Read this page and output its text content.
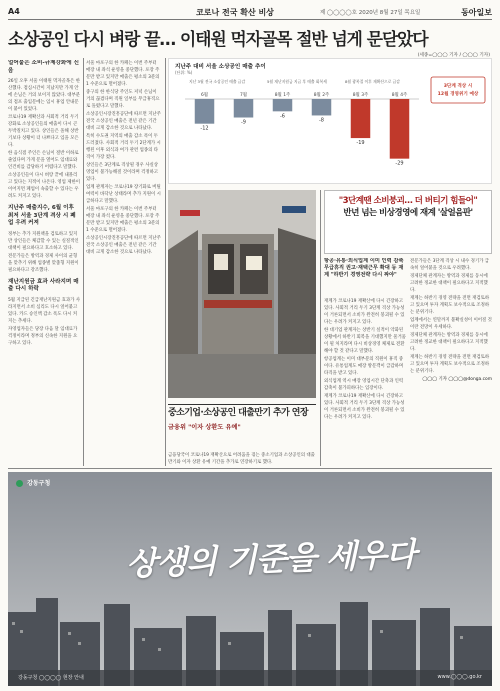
A4	코로나 전국 확산 비상	제 ◯◯◯◯호 2020년 8월 27일 목요일	동아일보
소상공인 다시 벼랑 끝… 이태원 먹자골목 절반 넘게 문닫았다
(세종=◯◯◯ 기자 / ◯◯◯ 기자)
얼어붙은 소비-규제강화에 신음

26일 오후 서울 이태원 먹자골목은 한산했다. 점심시간이 지났지만 가게 안에 손님은 거의 보이지 않았다. 대부분의 점포 출입문에는 임시 휴업 안내문이 붙어 있었다.

코로나19 재확산과 사회적 거리 두기 강화로 소상공인들의 매출이 다시 곤두박질치고 있다. 상인들은 올해 상반기보다 상황이 더 나쁘다고 입을 모은다.

한 음식점 주인은 손님이 절반 이하로 줄었다며 가게 문을 열어도 임대료와 인건비를 감당하기 어렵다고 말했다.

소상공인들이 다시 벼랑 끝에 내몰리고 있다는 지적이 나온다. 영업 제한이 이어지면 폐업이 속출할 수 있다는 우려도 커지고 있다.

지난주 매출지수, 6월 이후 최저 서울 3단계 격상 시 폐업 우려 커져

정부는 추가 지원책을 검토하고 있지만 상인들은 체감할 수 있는 실질적인 대책이 필요하다고 호소하고 있다.

전문가들은 방역과 경제 사이의 균형을 맞추기 위해 업종별 맞춤형 지원이 필요하다고 강조했다.

재난지원금 효과 사라지며 매출 다시 하락

5월 지급된 긴급재난지원금 효과가 사라지면서 소비 심리도 다시 얼어붙고 있다. 카드 승인액 감소 폭도 다시 커지는 추세다.

자영업자들은 당장 다음 달 임대료가 걱정이라며 정부의 신속한 지원을 요구하고 있다.

서울 마포구의 한 카페는 이번 주부터 매장 내 좌석 운영을 중단했다. 포장 주문만 받고 있지만 매출은 평소의 3분의 1 수준으로 떨어졌다.

중구의 한 한식당 주인도 저녁 손님이 거의 끊겼다며 직원 일부를 무급휴직으로 돌렸다고 말했다.

소상공인시장진흥공단에 따르면 지난주 전국 소상공인 매출은 전년 같은 기간 대비 크게 감소한 것으로 나타났다.

특히 수도권 지역의 매출 감소 폭이 두드러졌다. 사회적 거리 두기 2단계가 시행된 이후 외식과 여가 관련 업종의 타격이 가장 컸다.

상인들은 3단계로 격상될 경우 사실상 영업이 불가능해질 것이라며 걱정하고 있다.

업계 관계자는 코로나19 장기화로 버틸 여력이 바닥난 상태라며 추가 지원이 시급하다고 말했다.

서울 마포구의 한 카페는 이번 주부터 매장 내 좌석 운영을 중단했다. 포장 주문만 받고 있지만 매출은 평소의 3분의 1 수준으로 떨어졌다.

소상공인시장진흥공단에 따르면 지난주 전국 소상공인 매출은 전년 같은 기간 대비 크게 감소한 것으로 나타났다.

지난주 대비 서울 소상공인 매출 추이
(단위: %)
-12
6월
-9
7월
-6
8월 1주
-8
8월 2주
-19
8월 3주
-29
8월 4주
지난 3월 전국 소상공인 매출 급감	5월 재난지원금 지급 후 매출 회복세	8월 광복절 이후 재확산으로 급감
3단계 격상 시
12월 경영위기 예상
중소기업·소상공인 대출만기 추가 연장
금융위 "이자 상환도 유예"

금융당국이 코로나19 재확산으로 어려움을 겪는 중소기업과 소상공인의 대출 만기와 이자 상환 유예 기간을 추가로 연장하기로 했다.

"3단계땐 소비붕괴… 더 버티기 힘들어"
반년 넘는 비상경영에 재계 '살얼음판'
항공·유통·외식업계 이미 인력 감축 무급휴직 권고·재택근무 확대 등 재계 "하반기 경영전략 다시 짜야"

재계가 코로나19 재확산에 다시 긴장하고 있다. 사회적 거리 두기 3단계 격상 가능성이 거론되면서 소비가 완전히 붕괴될 수 있다는 우려가 커지고 있다.

한 대기업 관계자는 상반기 실적이 악화된 상황에서 하반기 회복을 기대했지만 물거품이 될 처지라며 다시 비상경영 체제로 전환해야 할 것 같다고 말했다.

항공업계는 이미 대부분의 직원이 휴직 중이다. 유통업계도 매장 방문객이 급감하며 타격을 받고 있다.

외식업계 역시 매장 영업시간 단축과 인력 감축이 불가피하다는 입장이다.

재계가 코로나19 재확산에 다시 긴장하고 있다. 사회적 거리 두기 3단계 격상 가능성이 거론되면서 소비가 완전히 붕괴될 수 있다는 우려가 커지고 있다.

전문가들은 3단계 격상 시 내수 경기가 급속히 얼어붙을 것으로 우려했다.

경제단체 관계자는 방역과 경제를 동시에 고려한 정교한 대책이 필요하다고 지적했다.

재계는 하반기 경영 전략을 전면 재검토하고 있으며 투자 계획도 보수적으로 조정하는 분위기다.

업계에서는 연말까지 불확실성이 이어질 것이란 전망이 우세하다.

경제단체 관계자는 방역과 경제를 동시에 고려한 정교한 대책이 필요하다고 지적했다.

재계는 하반기 경영 전략을 전면 재검토하고 있으며 투자 계획도 보수적으로 조정하는 분위기다.

◯◯◯ 기자 ◯◯◯@donga.com

강동구청
상생의 기준을 세우다
강동구청 ◯◯◯◯ 현장 안내	www.◯◯◯.go.kr
